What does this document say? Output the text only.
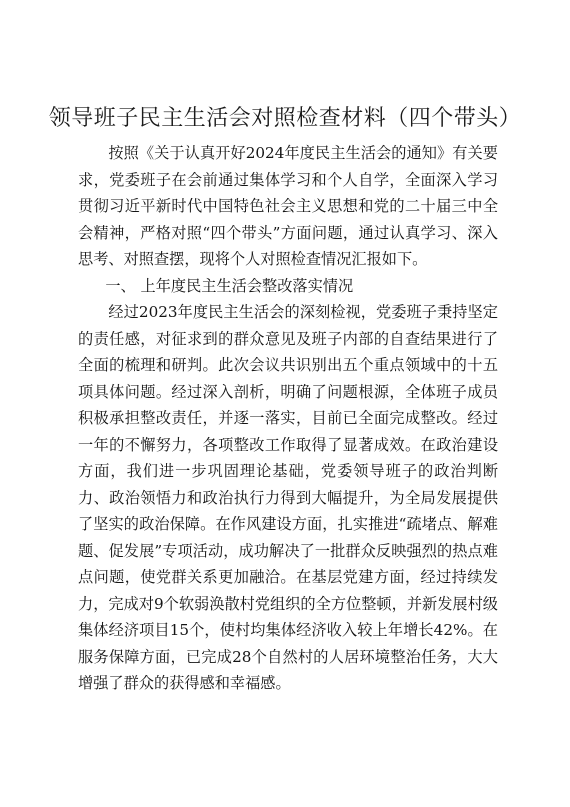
领导班子民主生活会对照检查材料（四个带头）

按照《关于认真开好2024年度民主生活会的通知》有关要求，党委班子在会前通过集体学习和个人自学，全面深入学习贯彻习近平新时代中国特色社会主义思想和党的二十届三中全会精神，严格对照“四个带头”方面问题，通过认真学习、深入思考、对照查摆，现将个人对照检查情况汇报如下。

一、 上年度民主生活会整改落实情况

经过2023年度民主生活会的深刻检视，党委班子秉持坚定的责任感，对征求到的群众意见及班子内部的自查结果进行了全面的梳理和研判。此次会议共识别出五个重点领域中的十五项具体问题。经过深入剖析，明确了问题根源，全体班子成员积极承担整改责任，并逐一落实，目前已全面完成整改。经过一年的不懈努力，各项整改工作取得了显著成效。在政治建设方面，我们进一步巩固理论基础，党委领导班子的政治判断力、政治领悟力和政治执行力得到大幅提升，为全局发展提供了坚实的政治保障。在作风建设方面，扎实推进“疏堵点、解难题、促发展”专项活动，成功解决了一批群众反映强烈的热点难点问题，使党群关系更加融洽。在基层党建方面，经过持续发力，完成对9个软弱涣散村党组织的全方位整顿，并新发展村级集体经济项目15个，使村均集体经济收入较上年增长42%。在服务保障方面，已完成28个自然村的人居环境整治任务，大大增强了群众的获得感和幸福感。
